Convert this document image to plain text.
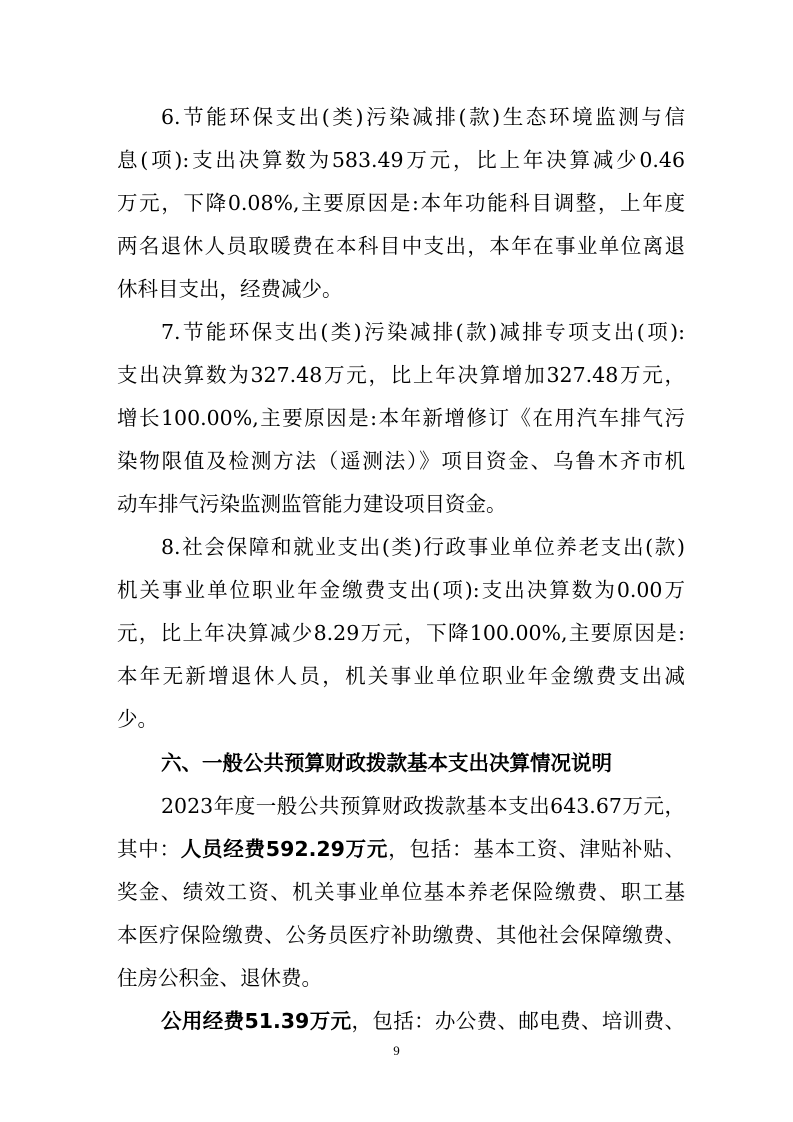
6.节能环保支出(类)污染减排(款)生态环境监测与信
息(项):支出决算数为583.49万元，比上年决算减少0.46
万元，下降0.08%,主要原因是:本年功能科目调整，上年度
两名退休人员取暖费在本科目中支出，本年在事业单位离退
休科目支出，经费减少。
7.节能环保支出(类)污染减排(款)减排专项支出(项):
支出决算数为327.48万元，比上年决算增加327.48万元，
增长100.00%,主要原因是:本年新增修订《在用汽车排气污
染物限值及检测方法（遥测法）》项目资金、乌鲁木齐市机
动车排气污染监测监管能力建设项目资金。
8.社会保障和就业支出(类)行政事业单位养老支出(款)
机关事业单位职业年金缴费支出(项):支出决算数为0.00万
元，比上年决算减少8.29万元，下降100.00%,主要原因是:
本年无新增退休人员，机关事业单位职业年金缴费支出减
少。
六、一般公共预算财政拨款基本支出决算情况说明
2023年度一般公共预算财政拨款基本支出643.67万元，
其中：人员经费592.29万元，包括：基本工资、津贴补贴、
奖金、绩效工资、机关事业单位基本养老保险缴费、职工基
本医疗保险缴费、公务员医疗补助缴费、其他社会保障缴费、
住房公积金、退休费。
公用经费51.39万元，包括：办公费、邮电费、培训费、
9
